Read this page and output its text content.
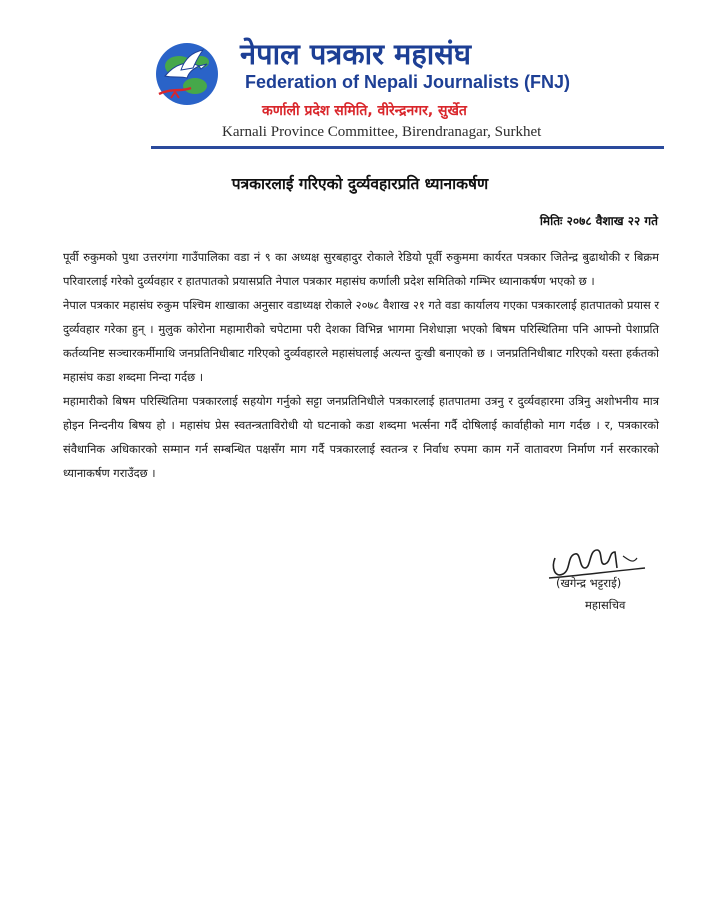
नेपाल पत्रकार महासंघ
Federation of Nepali Journalists (FNJ)
कर्णाली प्रदेश समिति, वीरेन्द्रनगर, सुर्खेत
Karnali Province Committee, Birendranagar, Surkhet
पत्रकारलाई गरिएको दुर्व्यवहारप्रति ध्यानाकर्षण
मितिः २०७८ वैशाख २२ गते

पूर्वी रुकुमको पुथा उत्तरगंगा गाउँपालिका वडा नं ९ का अध्यक्ष सुरबहादुर रोकाले रेडियो पूर्वी रुकुममा कार्यरत पत्रकार जितेन्द्र बुढाथोकी र बिक्रम परिवारलाई गरेको दुर्व्यवहार र हातपातको प्रयासप्रति नेपाल पत्रकार महासंघ कर्णाली प्रदेश समितिको गम्भिर ध्यानाकर्षण भएको छ ।

नेपाल पत्रकार महासंघ रुकुम पश्चिम शाखाका अनुसार वडाध्यक्ष रोकाले २०७८ वैशाख २१ गते वडा कार्यालय गएका पत्रकारलाई हातपातको प्रयास र दुर्व्यवहार गरेका हुन् । मुलुक कोरोना महामारीको चपेटामा परी देशका विभिन्न भागमा निशेधाज्ञा भएको बिषम परिस्थितिमा पनि आफ्नो पेशाप्रति कर्तव्यनिष्ट सञ्चारकर्मीमाथि जनप्रतिनिधीबाट गरिएको दुर्व्यवहारले महासंघलाई अत्यन्त दुःखी बनाएको छ । जनप्रतिनिधीबाट गरिएको यस्ता हर्कतको महासंघ कडा शब्दमा निन्दा गर्दछ ।

महामारीको बिषम परिस्थितिमा पत्रकारलाई सहयोग गर्नुको सट्टा जनप्रतिनिधीले पत्रकारलाई हातपातमा उत्रनु र दुर्व्यवहारमा उत्रिनु अशोभनीय मात्र होइन निन्दनीय बिषय हो । महासंघ प्रेस स्वतन्त्रताविरोधी यो घटनाको कडा शब्दमा भर्त्सना गर्दै दोषिलाई कार्वाहीको माग गर्दछ । र, पत्रकारको संवैधानिक अधिकारको सम्मान गर्न सम्बन्धित पक्षसँग माग गर्दै पत्रकारलाई स्वतन्त्र र निर्वाध रुपमा काम गर्ने वातावरण निर्माण गर्न सरकारको ध्यानाकर्षण गराउँदछ ।

(खगेन्द्र भट्टराई)
महासचिव
